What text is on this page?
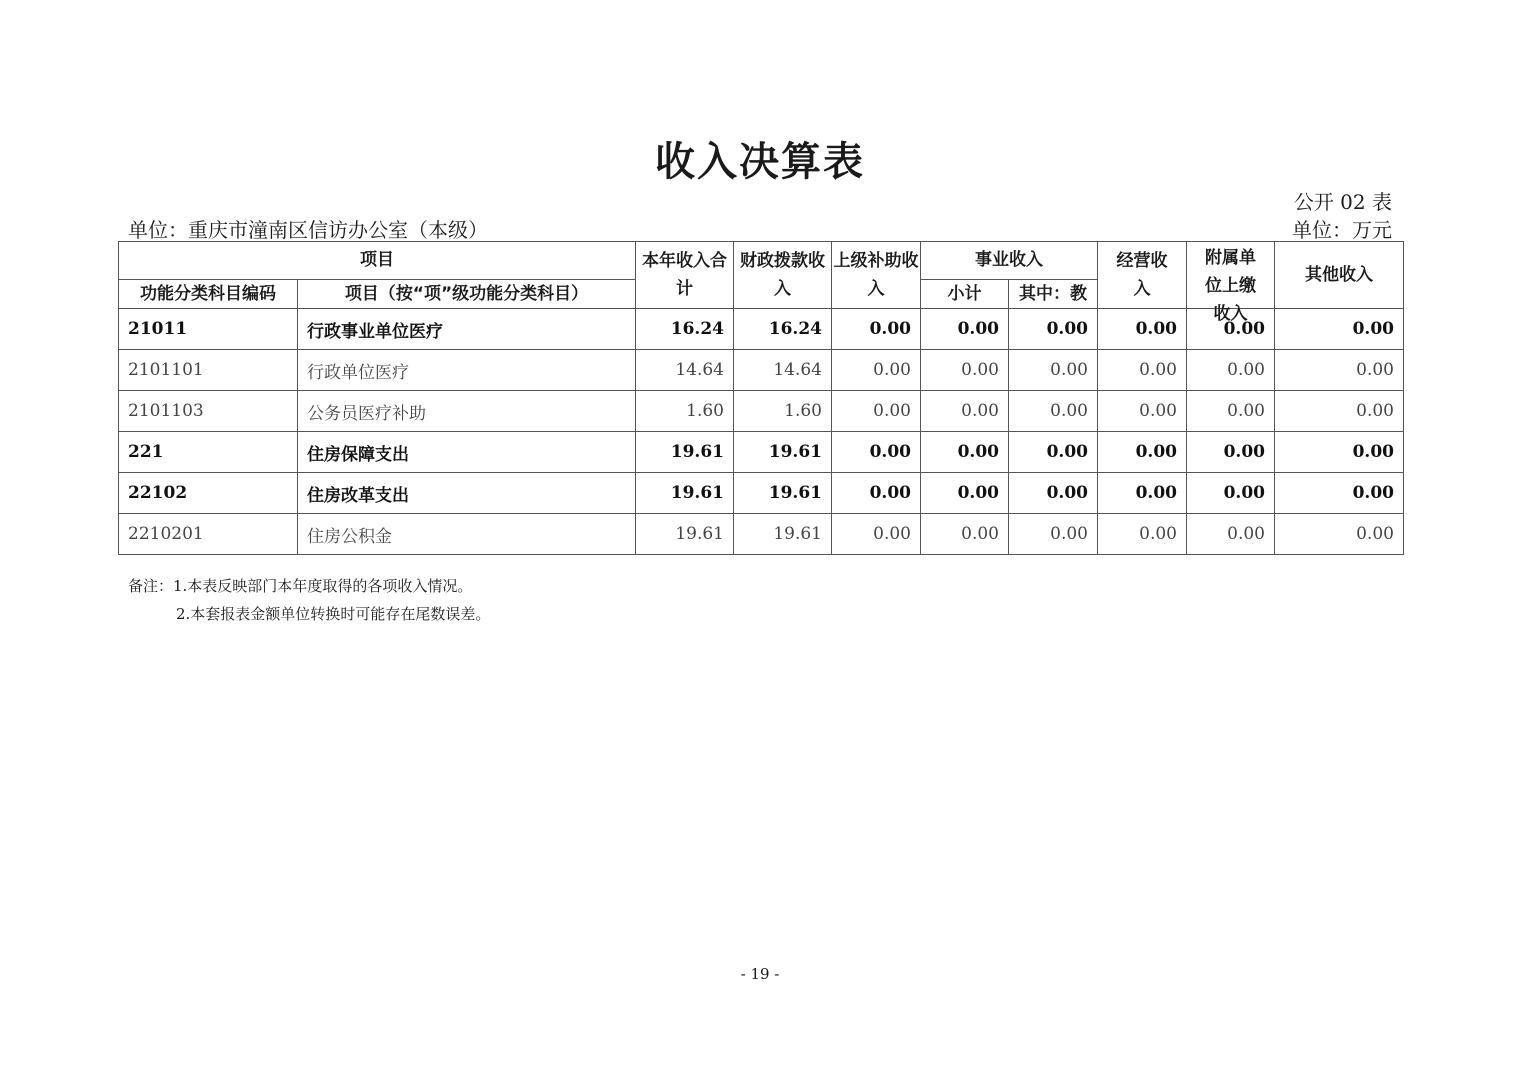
收入决算表
公开 02 表
单位：重庆市潼南区信访办公室（本级）	单位：万元
项目		本年收入合计	财政拨款收入	上级补助收入	事业收入		经营收入	附属单位上缴收入	其他收入
功能分类科目编码	项目（按“项”级功能分类科目）				小计	其中：教			
21011	行政事业单位医疗	16.24	16.24	0.00	0.00	0.00	0.00	0.00	0.00
2101101	行政单位医疗	14.64	14.64	0.00	0.00	0.00	0.00	0.00	0.00
2101103	公务员医疗补助	1.60	1.60	0.00	0.00	0.00	0.00	0.00	0.00
221	住房保障支出	19.61	19.61	0.00	0.00	0.00	0.00	0.00	0.00
22102	住房改革支出	19.61	19.61	0.00	0.00	0.00	0.00	0.00	0.00
2210201	住房公积金	19.61	19.61	0.00	0.00	0.00	0.00	0.00	0.00
备注：1.本表反映部门本年度取得的各项收入情况。
2.本套报表金额单位转换时可能存在尾数误差。
- 19 -
